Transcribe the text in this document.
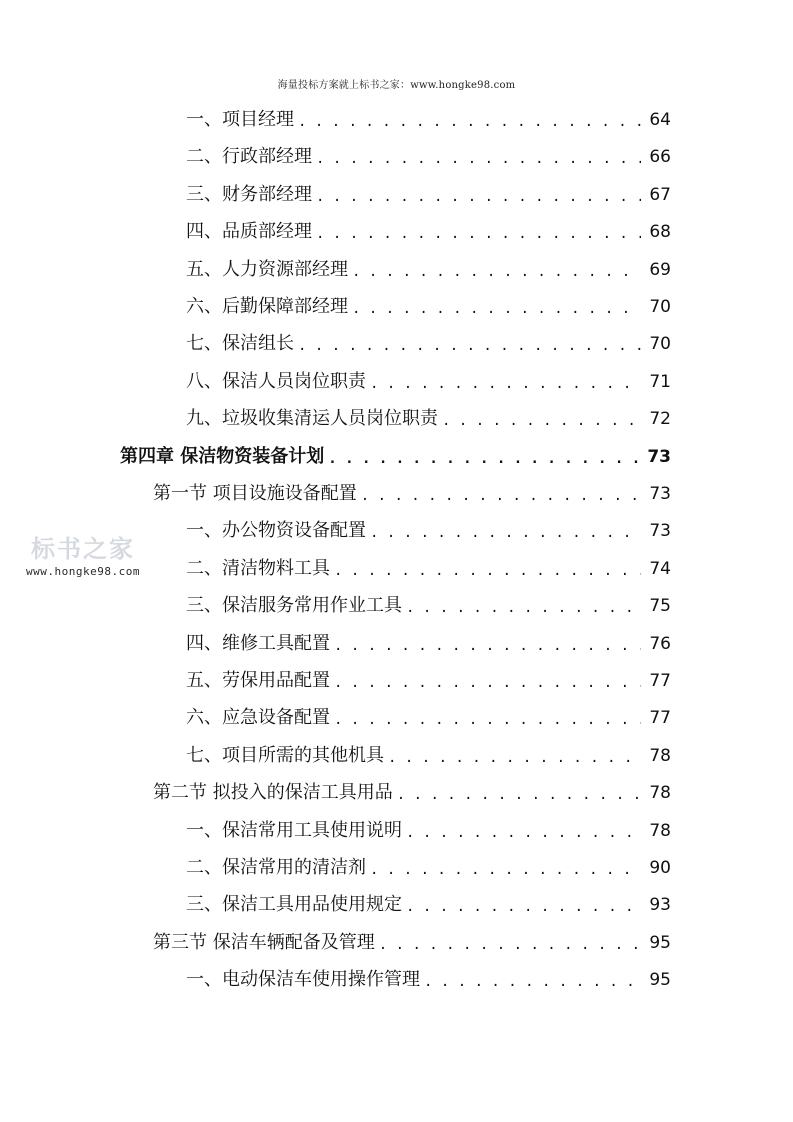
海量投标方案就上标书之家：www.hongke98.com
标书之家
www.hongke98.com
一、项目经理 . . .	64
二、行政部经理 . . .	66
三、财务部经理 . . .	67
四、品质部经理 . . .	68
五、人力资源部经理 . . .	69
六、后勤保障部经理 . . .	70
七、保洁组长 . . .	70
八、保洁人员岗位职责 . . .	71
九、垃圾收集清运人员岗位职责 . . .	72
第四章 保洁物资装备计划 . . .	73
第一节 项目设施设备配置 . . .	73
一、办公物资设备配置 . . .	73
二、清洁物料工具 . . .	74
三、保洁服务常用作业工具 . . .	75
四、维修工具配置 . . .	76
五、劳保用品配置 . . .	77
六、应急设备配置 . . .	77
七、项目所需的其他机具 . . .	78
第二节 拟投入的保洁工具用品 . . .	78
一、保洁常用工具使用说明 . . .	78
二、保洁常用的清洁剂 . . .	90
三、保洁工具用品使用规定 . . .	93
第三节 保洁车辆配备及管理 . . .	95
一、电动保洁车使用操作管理 . . .	95
